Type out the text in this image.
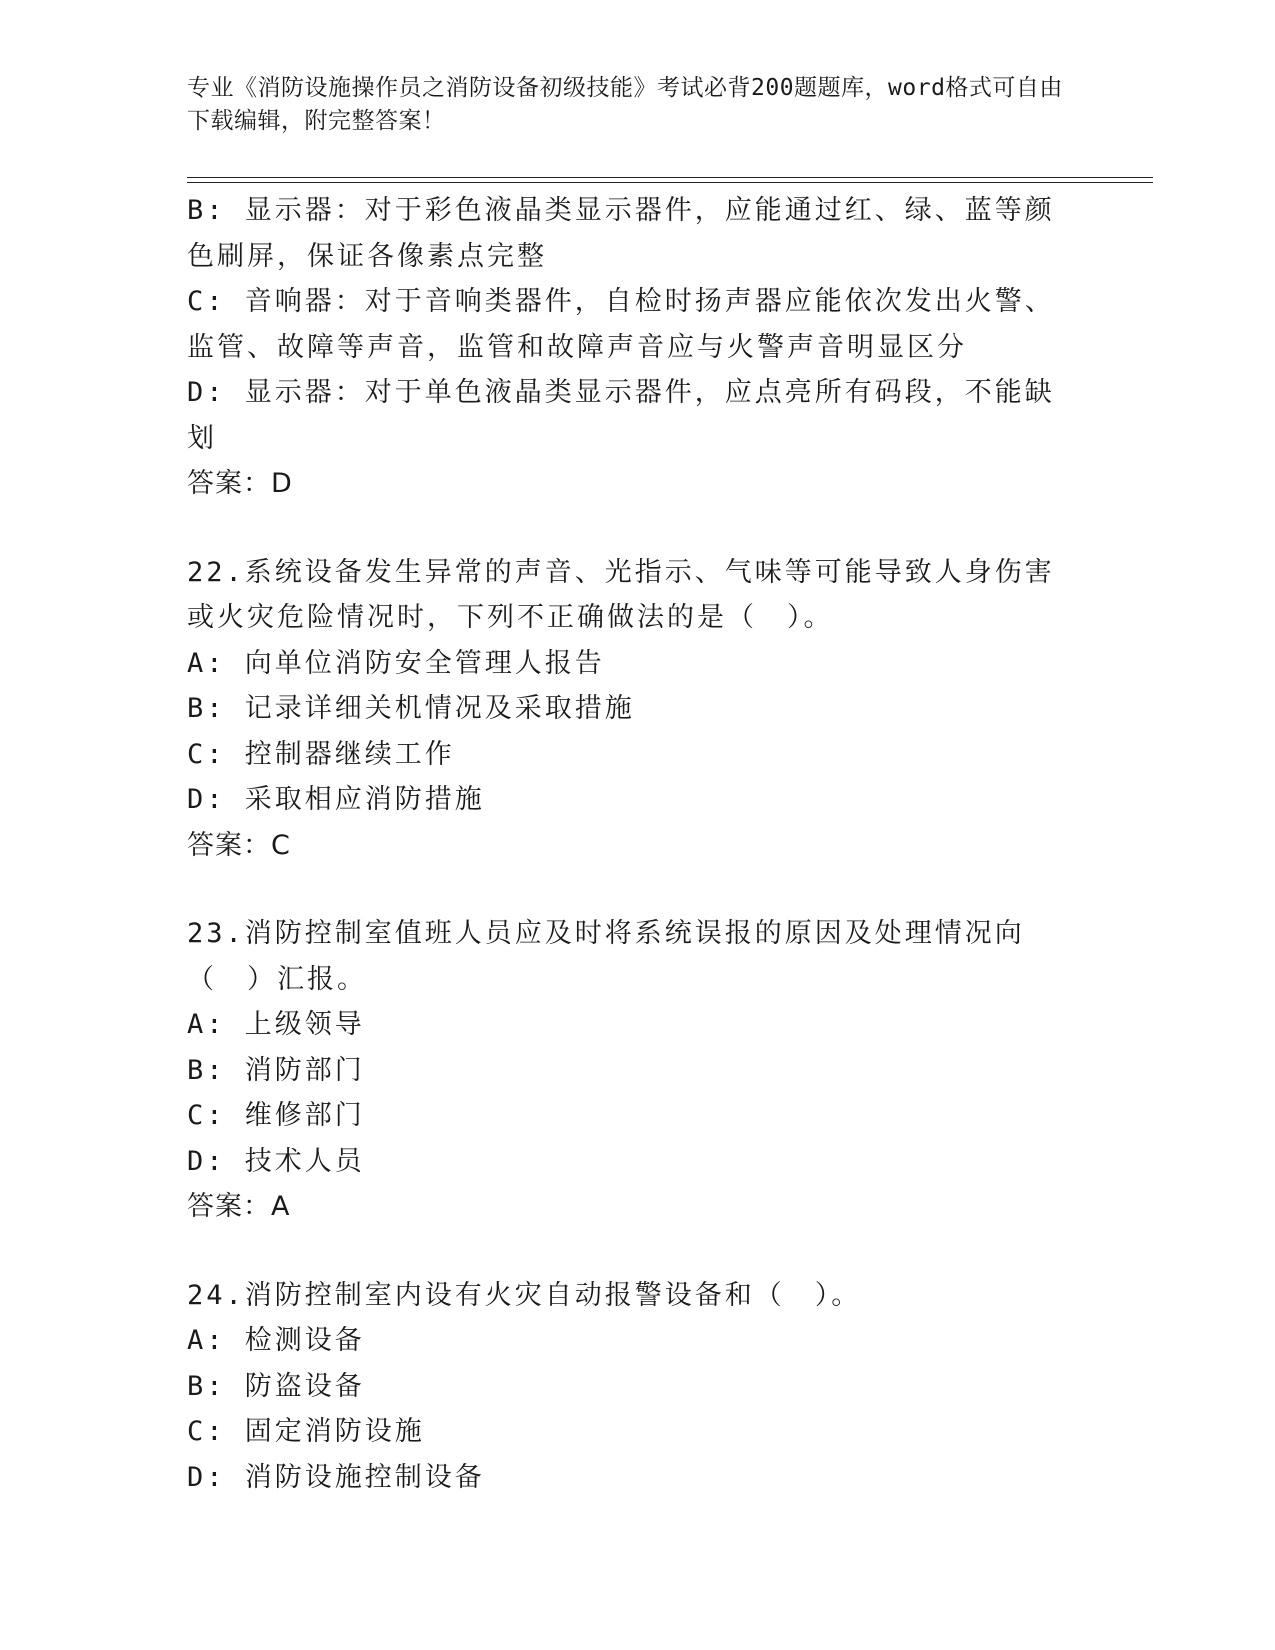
专业《消防设施操作员之消防设备初级技能》考试必背200题题库，word格式可自由下载编辑，附完整答案！
B: 显示器：对于彩色液晶类显示器件，应能通过红、绿、蓝等颜色刷屏，保证各像素点完整
C: 音响器：对于音响类器件，自检时扬声器应能依次发出火警、监管、故障等声音，监管和故障声音应与火警声音明显区分
D: 显示器：对于单色液晶类显示器件，应点亮所有码段，不能缺划
答案：D
22.系统设备发生异常的声音、光指示、气味等可能导致人身伤害或火灾危险情况时，下列不正确做法的是（　）。
A: 向单位消防安全管理人报告
B: 记录详细关机情况及采取措施
C: 控制器继续工作
D: 采取相应消防措施
答案：C
23.消防控制室值班人员应及时将系统误报的原因及处理情况向（　）汇报。
A: 上级领导
B: 消防部门
C: 维修部门
D: 技术人员
答案：A
24.消防控制室内设有火灾自动报警设备和（　）。
A: 检测设备
B: 防盗设备
C: 固定消防设施
D: 消防设施控制设备
